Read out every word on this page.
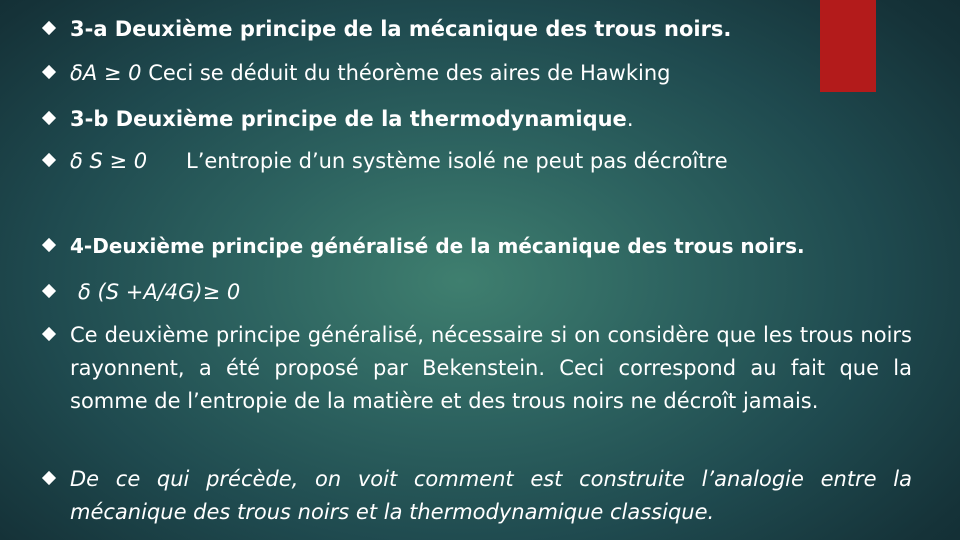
3-a Deuxième principe de la mécanique des trous noirs.
δA ≥ 0 Ceci se déduit du théorème des aires de Hawking
3-b Deuxième principe de la thermodynamique.
δ S ≥ 0 L’entropie d’un système isolé ne peut pas décroître
4-Deuxième principe généralisé de la mécanique des trous noirs.
δ (S +A/4G)≥ 0
Ce deuxième principe généralisé, nécessaire si on considère que les trous noirs rayonnent, a été proposé par Bekenstein. Ceci correspond au fait que la somme de l’entropie de la matière et des trous noirs ne décroît jamais.
De ce qui précède, on voit comment est construite l’analogie entre la mécanique des trous noirs et la thermodynamique classique.
